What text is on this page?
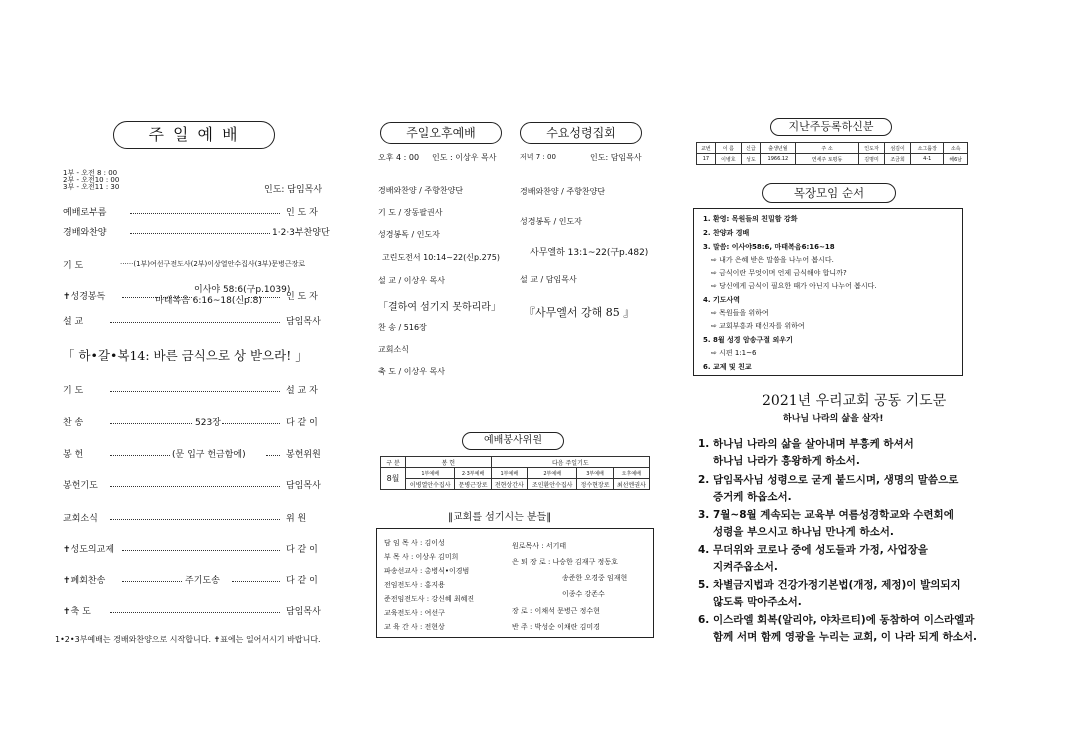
주 일 예 배
1부 - 오전 8 : 00
2부 - 오전10 : 00
3부 - 오전11 : 30	인도: 담임목사
예배로부름	인 도 자
경배와찬양	1·2·3부찬양단
기 도	······(1부)여선구전도사(2부)이상열안수집사(3부)문병근장로
✝성경봉독
이사야 58:6(구p.1039)
마태복음 6:16~18(신p.8)	인 도 자
설 교	담임목사
「 하•갈•복14: 바른 금식으로 상 받으라! 」
기 도	설 교 자
찬 송	523장	다 같 이
봉 헌	(문 입구 헌금함에)	봉헌위원
봉헌기도	담임목사
교회소식	위 원
✝성도의교제	다 같 이
✝폐회찬송	주기도송	다 같 이
✝축 도	담임목사
1•2•3부예배는 경배와찬양으로 시작합니다. ✝표에는 일어서시기 바랍니다.
주일오후예배	수요성령집회
오후 4 : 00 인도 : 이상우 목사
경배와찬양 / 주향찬양단
기 도 / 장동팔권사
성경봉독 / 인도자
고린도전서 10:14~22(신p.275)
설 교 / 이상우 목사
「결하여 섬기지 못하리라」
찬 송 / 516장
교회소식
축 도 / 이상우 목사
저녁 7 : 00	인도: 담임목사
경배와찬양 / 주향찬양단
성경봉독 / 인도자
사무엘하 13:1~22(구p.482)
설 교 / 담임목사
『사무엘서 강해 85 』
예배봉사위원
구 분	봉 헌		다음 주일기도			
8월	1부예배	2·3부예배	1부예배	2부예배	3부예배	오후예배
	이병열안수집사	문병근장로	전현상간사	조인환안수집사	정수현장로	최선엔권사
‖교회를 섬기시는 분들‖
담 임 목 사 : 김이성
부 목 사 : 이상우 김미희
파송선교사 : 총병식•이경범
전임전도사 : 홍지용
준전임전도사 : 강신혜 최혜진
교육전도사 : 여선구
교 육 간 사 : 전현상
원로목사 : 서기태
은 퇴 장 로 : 나승한 김재구 정동호
송준한 오경중 임재현
이종수 강존수
장 로 : 이채석 문병근 정수현
반 주 : 박성순 이채란 김미경
지난주등록하신분
교번	이 름	신급	출생년월	주 소	인도자	섬김이	소그룹장	소속
17	이병호	성도	1966.12	연세주 토평동	김명미	조금희	4-1	해6남
목장모임 순서
1. 환영: 목원들의 친밀함 강화
2. 찬양과 경배
3. 말씀: 이사야58:6, 마태복음6:16~18
⇨ 내가 은혜 받은 말씀을 나누어 봅시다.
⇨ 금식이란 무엇이며 언제 금식해야 합니까?
⇨ 당신에게 금식이 필요한 때가 아닌지 나누어 봅시다.
4. 기도사역
⇨ 목원들을 위하여
⇨ 교회부흥과 태신자를 위하여
5. 8월 성경 암송구절 외우기
⇨ 시편 1:1~6
6. 교제 및 친교
2021년 우리교회 공동 기도문
하나님 나라의 삶을 살자!
1. 하나님 나라의 삶을 살아내며 부흥케 하셔서
하나님 나라가 흥왕하게 하소서.
2. 담임목사님 성령으로 굳게 붙드시며, 생명의 말씀으로
증거케 하옵소서.
3. 7월~8월 계속되는 교육부 여름성경학교와 수련회에
성령을 부으시고 하나님 만나게 하소서.
4. 무더위와 코로나 중에 성도들과 가정, 사업장을
지켜주옵소서.
5. 차별금지법과 건강가정기본법(개정, 제정)이 발의되지
않도록 막아주소서.
6. 이스라엘 회복(알리야, 야차르티)에 동참하여 이스라엘과
함께 서며 함께 영광을 누리는 교회, 이 나라 되게 하소서.
